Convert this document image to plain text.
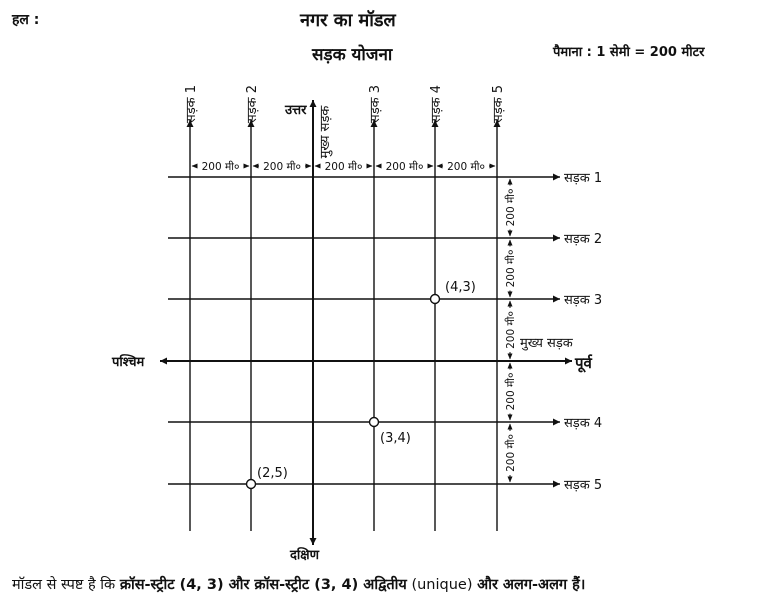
हल :	नगर का मॉडल
सड़क योजना	पैमाना : 1 सेमी = 200 मीटर
200 मी० 200 मी० 200 मी० 200 मी० 200 मी०
200 मी०
200 मी०
200 मी०
200 मी०
200 मी०
(4,3)
(3,4)
(2,5)
सड़क 1	सड़क 2
मुख्य सड़क
सड़क 3	सड़क 4	सड़क 5
सड़क 1
सड़क 2
सड़क 3
मुख्य सड़क
सड़क 4
सड़क 5
उत्तर
दक्षिण
पूर्व
पश्चिम
मॉडल से स्पष्ट है कि क्रॉस-स्ट्रीट (4, 3) और क्रॉस-स्ट्रीट (3, 4) अद्वितीय (unique) और अलग-अलग हैं।
